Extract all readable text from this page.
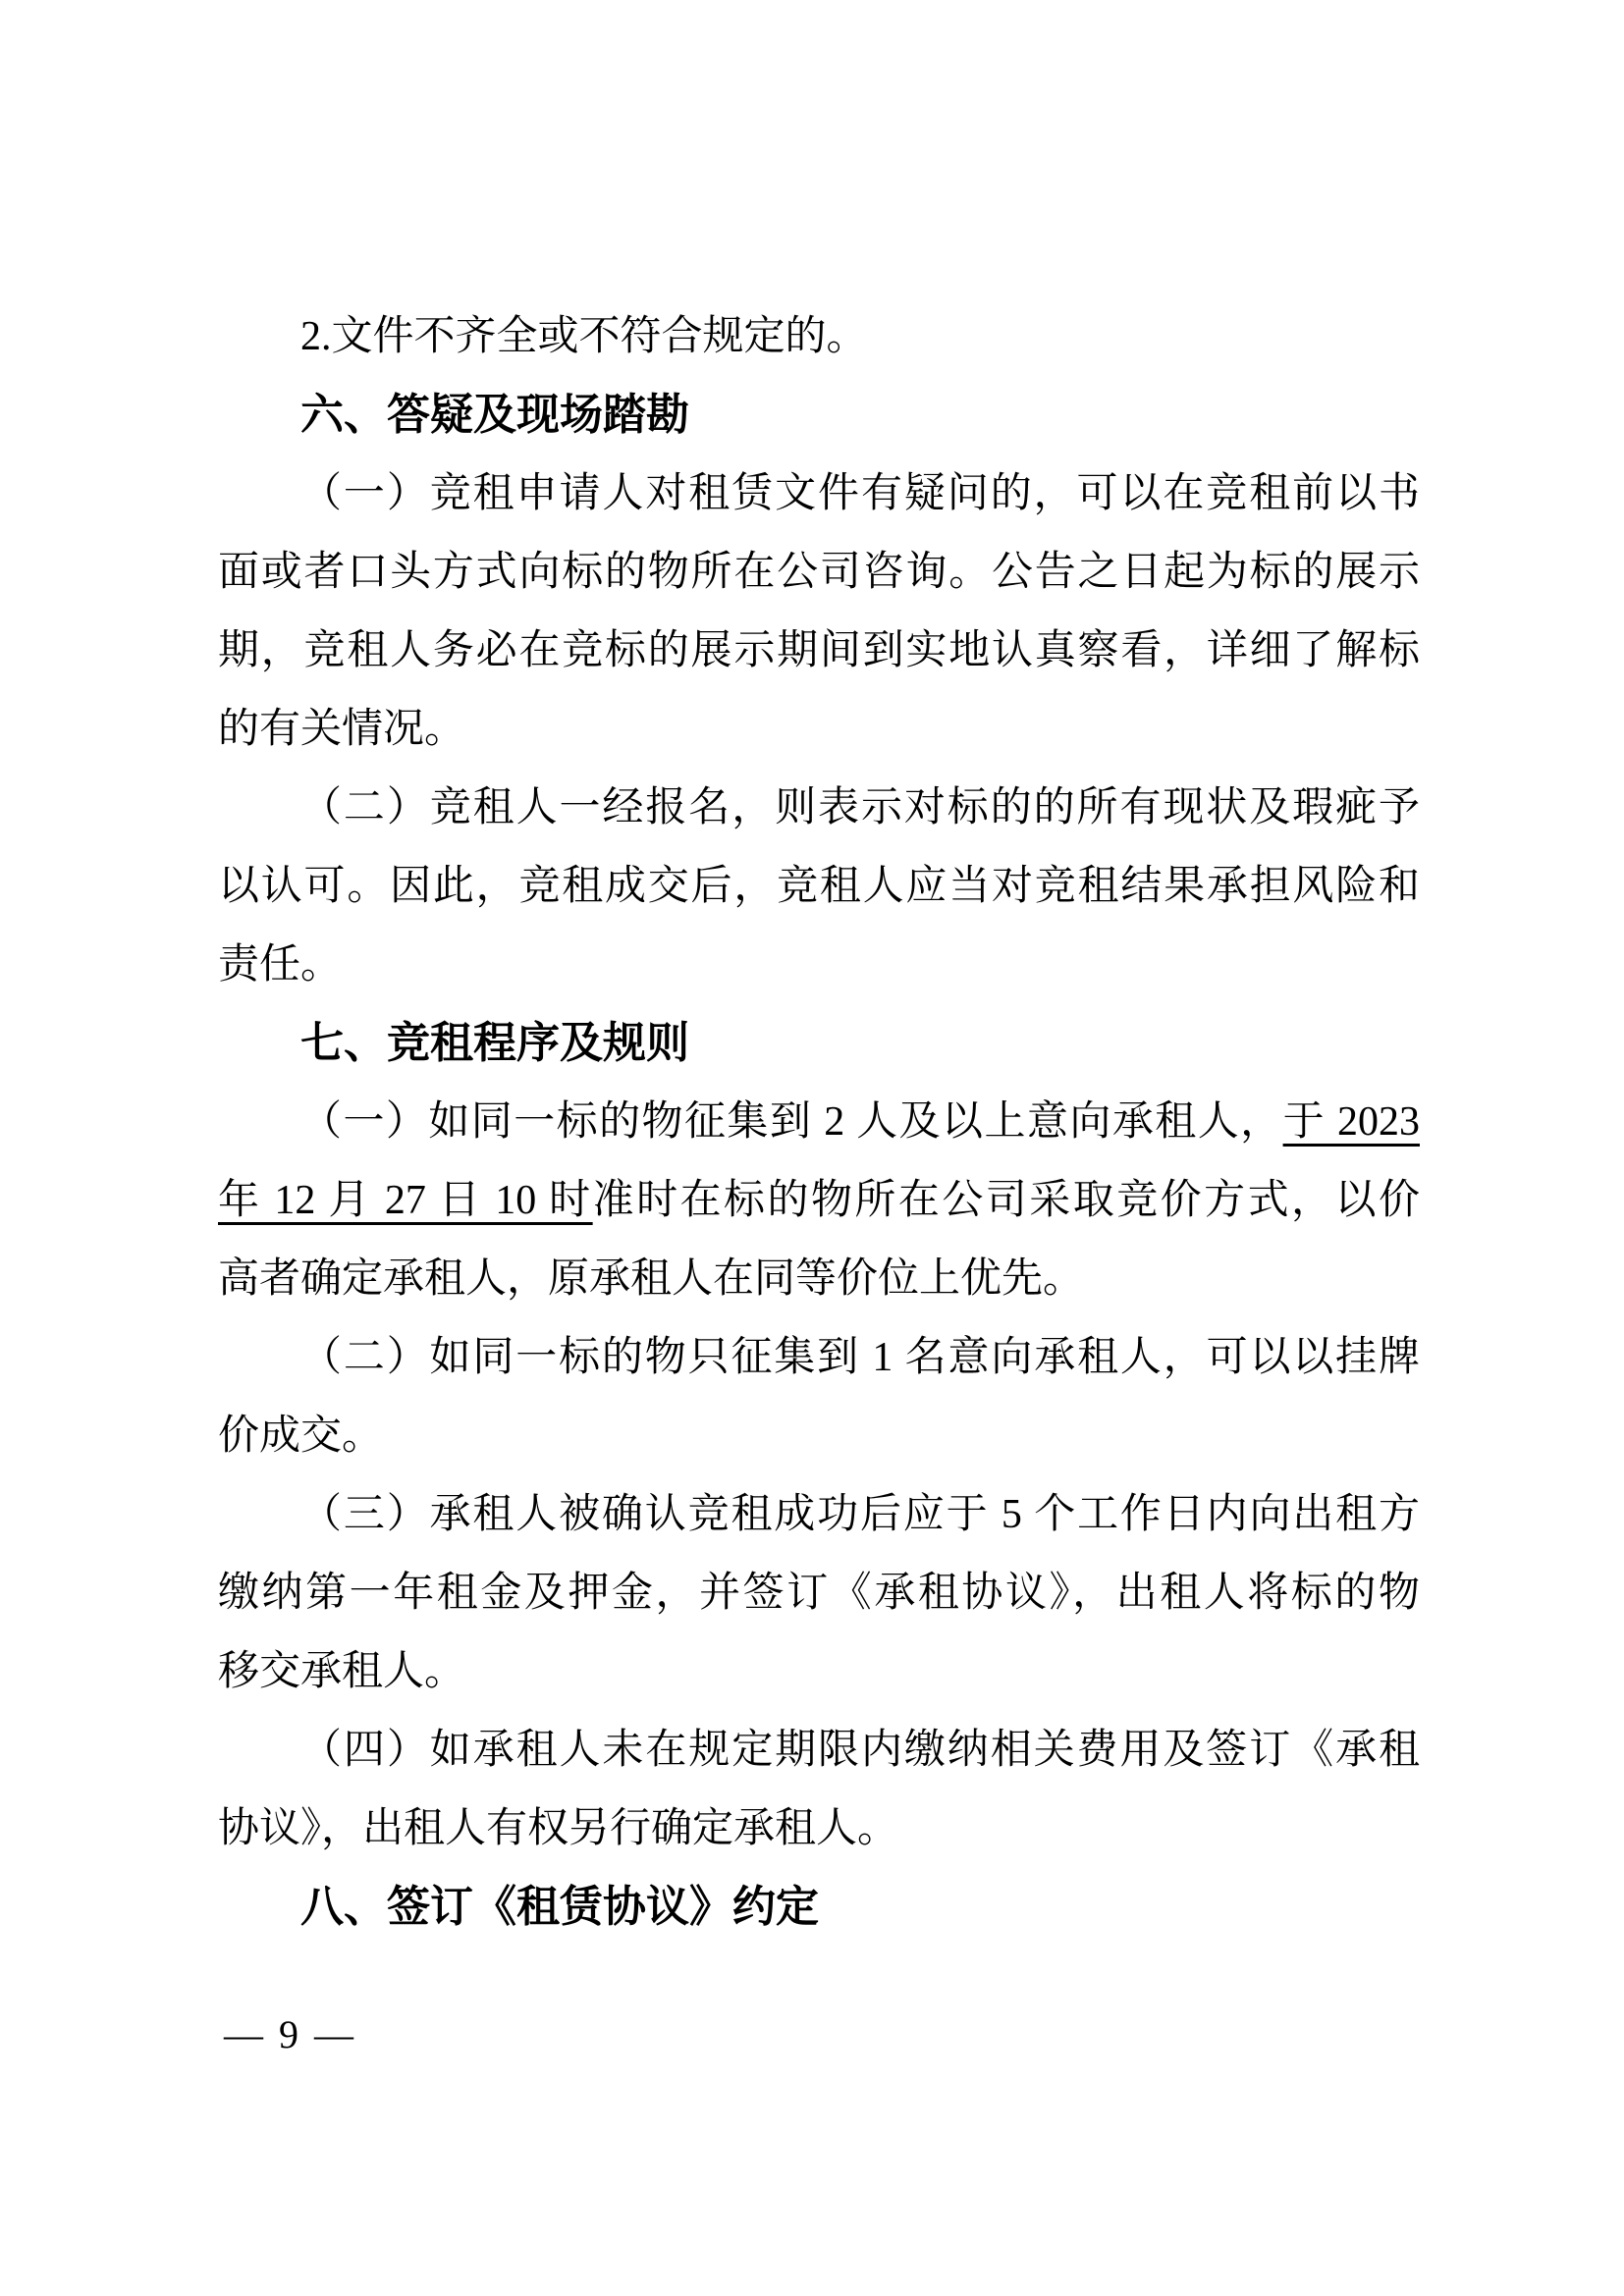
2.文件不齐全或不符合规定的。
六、答疑及现场踏勘
（一）竞租申请人对租赁文件有疑问的，可以在竞租前以书
面或者口头方式向标的物所在公司咨询。公告之日起为标的展示
期，竞租人务必在竞标的展示期间到实地认真察看，详细了解标
的有关情况。
（二）竞租人一经报名，则表示对标的的所有现状及瑕疵予
以认可。因此，竞租成交后，竞租人应当对竞租结果承担风险和
责任。
七、竞租程序及规则
（一）如同一标的物征集到 2 人及以上意向承租人，于 2023
年 12 月 27 日 10 时准时在标的物所在公司采取竞价方式，以价
高者确定承租人，原承租人在同等价位上优先。
（二）如同一标的物只征集到 1 名意向承租人，可以以挂牌
价成交。
（三）承租人被确认竞租成功后应于 5 个工作日内向出租方
缴纳第一年租金及押金，并签订《承租协议》，出租人将标的物
移交承租人。
（四）如承租人未在规定期限内缴纳相关费用及签订《承租
协议》，出租人有权另行确定承租人。
八、签订《租赁协议》约定
— 9 —
